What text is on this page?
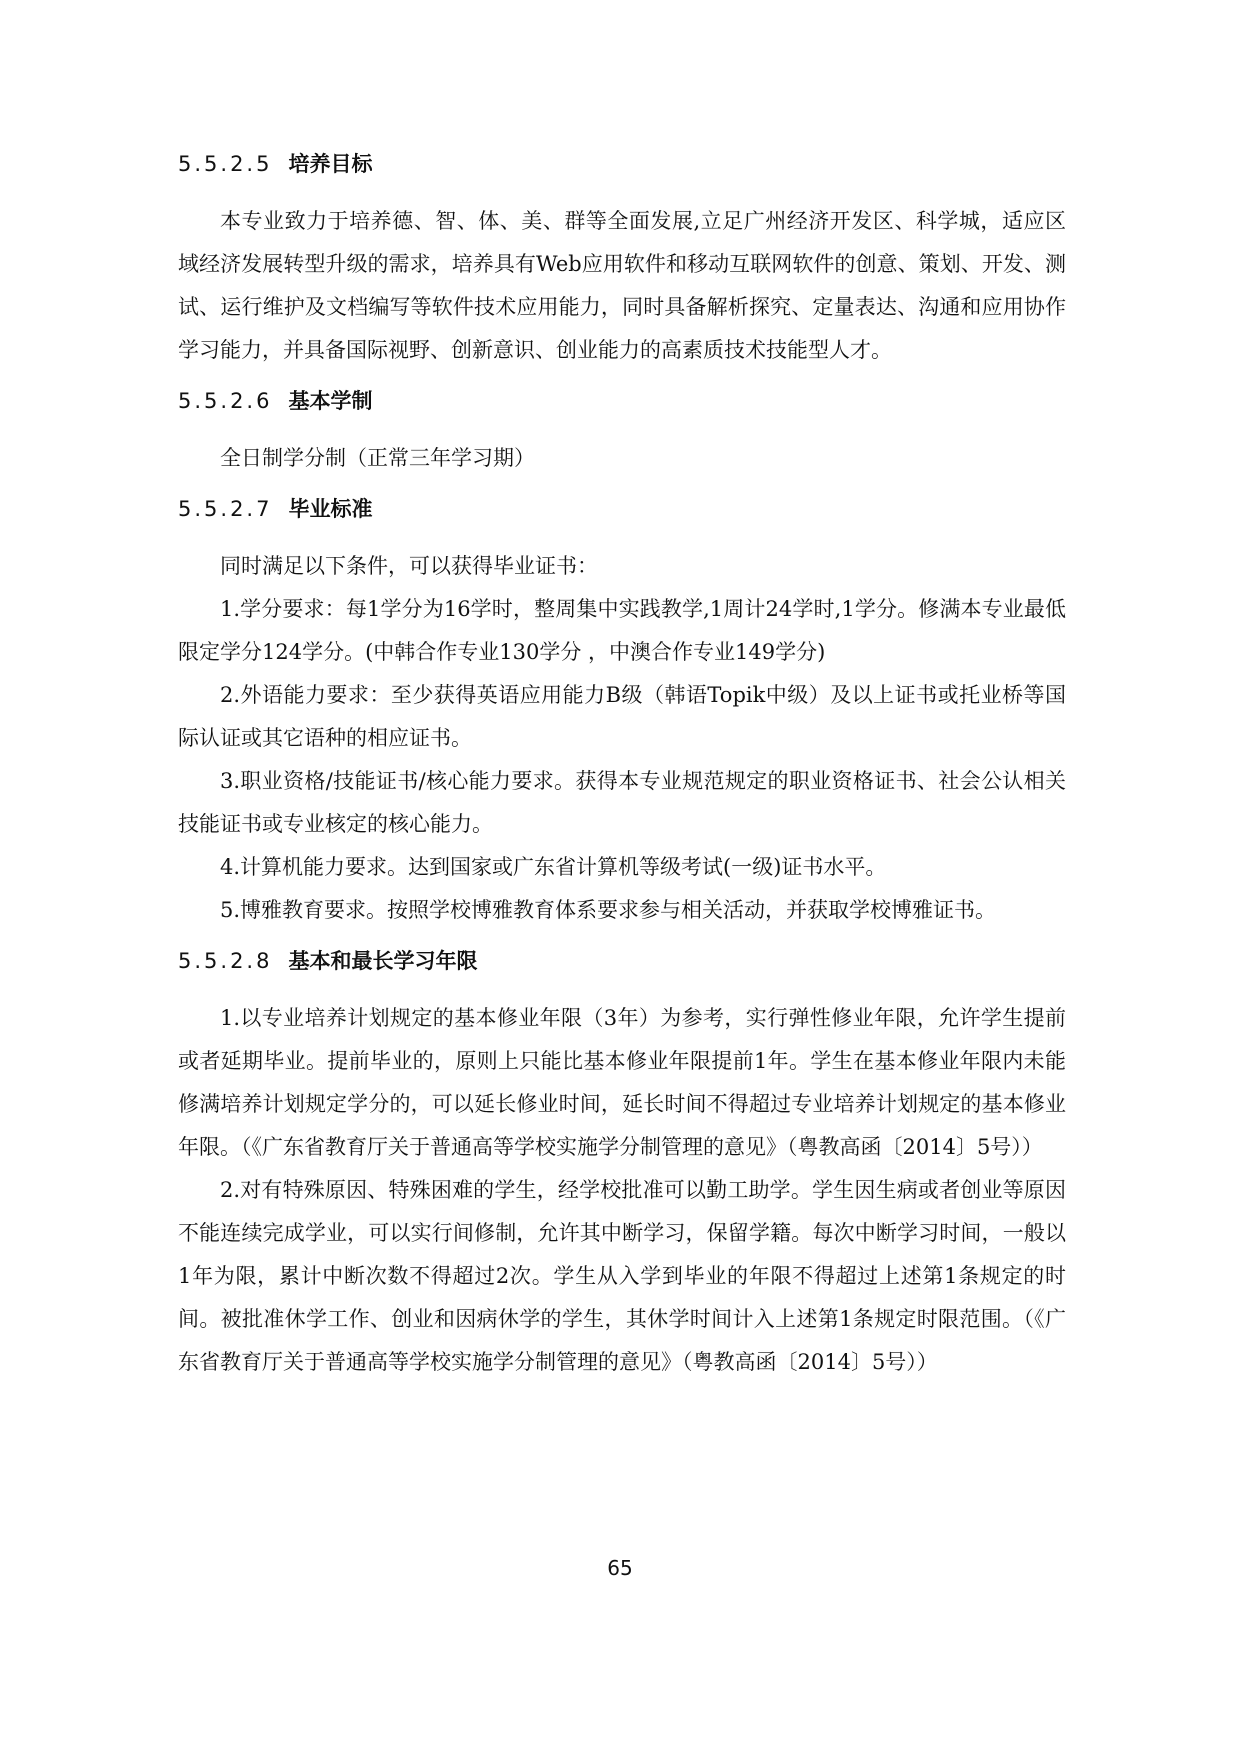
5.5.2.5 培养目标

本专业致力于培养德、智、体、美、群等全面发展,立足广州经济开发区、科学城，适应区域经济发展转型升级的需求，培养具有Web应用软件和移动互联网软件的创意、策划、开发、测试、运行维护及文档编写等软件技术应用能力，同时具备解析探究、定量表达、沟通和应用协作学习能力，并具备国际视野、创新意识、创业能力的高素质技术技能型人才。

5.5.2.6 基本学制

全日制学分制（正常三年学习期）

5.5.2.7 毕业标准

同时满足以下条件，可以获得毕业证书：

1.学分要求：每1学分为16学时，整周集中实践教学,1周计24学时,1学分。修满本专业最低限定学分124学分。(中韩合作专业130学分 ，中澳合作专业149学分)

2.外语能力要求：至少获得英语应用能力B级（韩语Topik中级）及以上证书或托业桥等国际认证或其它语种的相应证书。

3.职业资格/技能证书/核心能力要求。获得本专业规范规定的职业资格证书、社会公认相关技能证书或专业核定的核心能力。

4.计算机能力要求。达到国家或广东省计算机等级考试(一级)证书水平。

5.博雅教育要求。按照学校博雅教育体系要求参与相关活动，并获取学校博雅证书。

5.5.2.8 基本和最长学习年限

1.以专业培养计划规定的基本修业年限（3年）为参考，实行弹性修业年限，允许学生提前或者延期毕业。提前毕业的，原则上只能比基本修业年限提前1年。学生在基本修业年限内未能修满培养计划规定学分的，可以延长修业时间，延长时间不得超过专业培养计划规定的基本修业年限。（《广东省教育厅关于普通高等学校实施学分制管理的意见》（粤教高函〔2014〕5号））

2.对有特殊原因、特殊困难的学生，经学校批准可以勤工助学。学生因生病或者创业等原因不能连续完成学业，可以实行间修制，允许其中断学习，保留学籍。每次中断学习时间，一般以1年为限，累计中断次数不得超过2次。学生从入学到毕业的年限不得超过上述第1条规定的时间。被批准休学工作、创业和因病休学的学生，其休学时间计入上述第1条规定时限范围。（《广东省教育厅关于普通高等学校实施学分制管理的意见》（粤教高函〔2014〕5号））

65
